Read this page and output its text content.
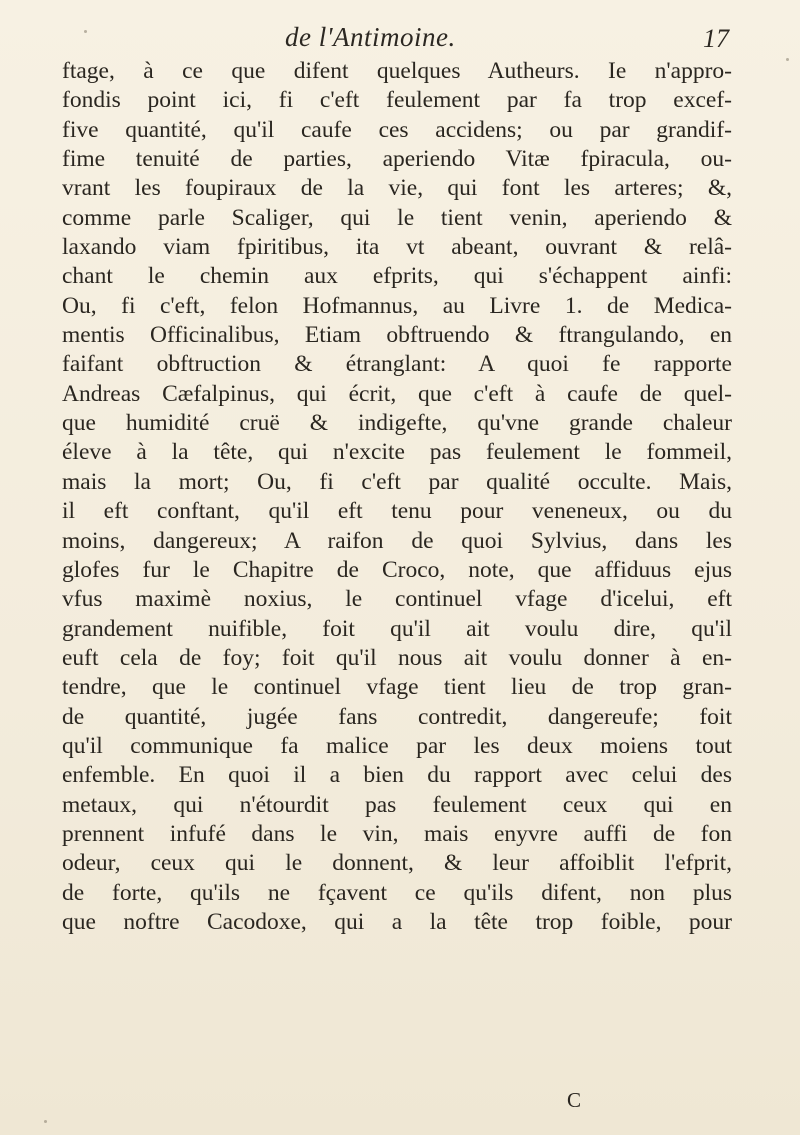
de l'Antimoine.	17
ftage, à ce que difent quelques Autheurs. Ie n'appro-
fondis point ici, fi c'eft feulement par fa trop excef-
five quantité, qu'il caufe ces accidens; ou par grandif-
fime tenuité de parties, aperiendo Vitæ fpiracula, ou-
vrant les foupiraux de la vie, qui font les arteres; &,
comme parle Scaliger, qui le tient venin, aperiendo &
laxando viam fpiritibus, ita vt abeant, ouvrant & relâ-
chant le chemin aux efprits, qui s'échappent ainfi:
Ou, fi c'eft, felon Hofmannus, au Livre 1. de Medica-
mentis Officinalibus, Etiam obftruendo & ftrangulando, en
faifant obftruction & étranglant: A quoi fe rapporte
Andreas Cæfalpinus, qui écrit, que c'eft à caufe de quel-
que humidité cruë & indigefte, qu'vne grande chaleur
éleve à la tête, qui n'excite pas feulement le fommeil,
mais la mort; Ou, fi c'eft par qualité occulte. Mais,
il eft conftant, qu'il eft tenu pour veneneux, ou du
moins, dangereux; A raifon de quoi Sylvius, dans les
glofes fur le Chapitre de Croco, note, que affiduus ejus
vfus maximè noxius, le continuel vfage d'icelui, eft
grandement nuifible, foit qu'il ait voulu dire, qu'il
euft cela de foy; foit qu'il nous ait voulu donner à en-
tendre, que le continuel vfage tient lieu de trop gran-
de quantité, jugée fans contredit, dangereufe; foit
qu'il communique fa malice par les deux moiens tout
enfemble. En quoi il a bien du rapport avec celui des
metaux, qui n'étourdit pas feulement ceux qui en
prennent infufé dans le vin, mais enyvre auffi de fon
odeur, ceux qui le donnent, & leur affoiblit l'efprit,
de forte, qu'ils ne fçavent ce qu'ils difent, non plus
que noftre Cacodoxe, qui a la tête trop foible, pour
C
